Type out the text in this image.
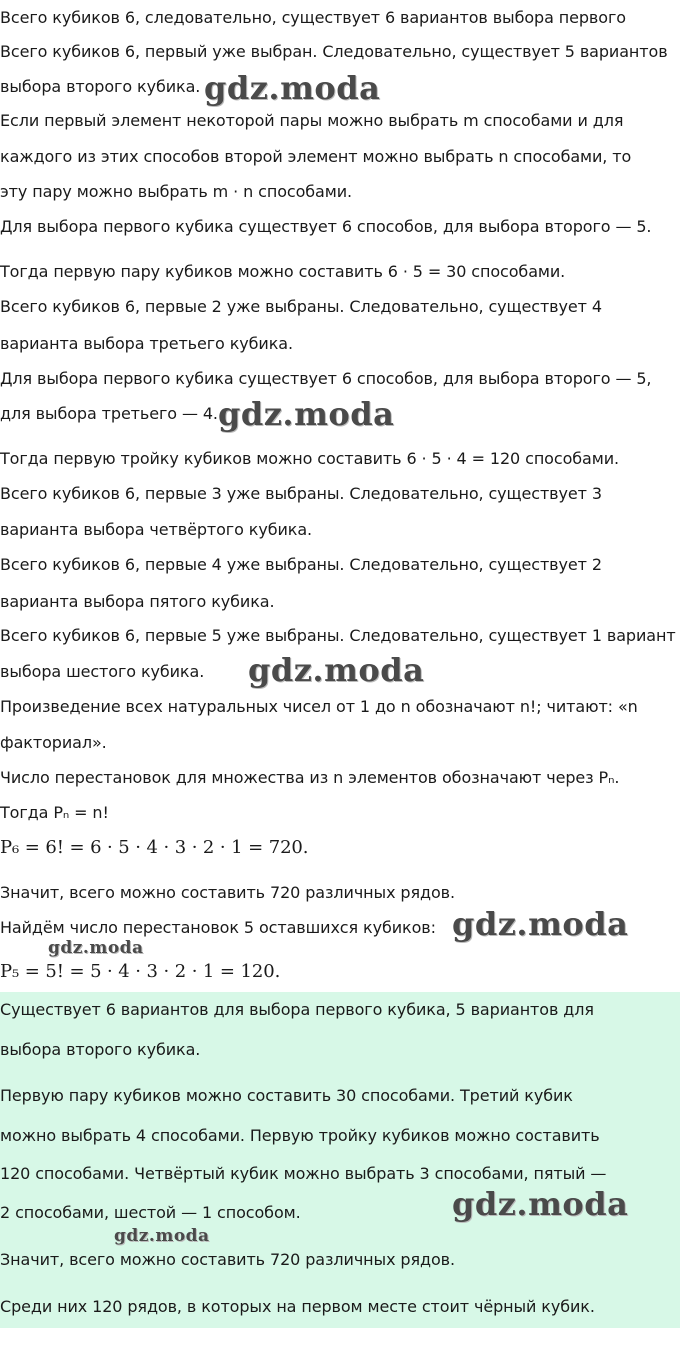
Всего кубиков 6, следовательно, существует 6 вариантов выбора первого
Всего кубиков 6, первый уже выбран. Следовательно, существует 5 вариантов
выбора второго кубика.
Если первый элемент некоторой пары можно выбрать m способами и для
каждого из этих способов второй элемент можно выбрать n способами, то
эту пару можно выбрать m · n способами.
Для выбора первого кубика существует 6 способов, для выбора второго — 5.
Тогда первую пару кубиков можно составить 6 · 5 = 30 способами.
Всего кубиков 6, первые 2 уже выбраны. Следовательно, существует 4
варианта выбора третьего кубика.
Для выбора первого кубика существует 6 способов, для выбора второго — 5,
для выбора третьего — 4.
Тогда первую тройку кубиков можно составить 6 · 5 · 4 = 120 способами.
Всего кубиков 6, первые 3 уже выбраны. Следовательно, существует 3
варианта выбора четвёртого кубика.
Всего кубиков 6, первые 4 уже выбраны. Следовательно, существует 2
варианта выбора пятого кубика.
Всего кубиков 6, первые 5 уже выбраны. Следовательно, существует 1 вариант
выбора шестого кубика.
Произведение всех натуральных чисел от 1 до n обозначают n!; читают: «n
факториал».
Число перестановок для множества из n элементов обозначают через Pₙ.
Тогда Pₙ = n!
P₆ = 6! = 6 · 5 · 4 · 3 · 2 · 1 = 720.
Значит, всего можно составить 720 различных рядов.
Найдём число перестановок 5 оставшихся кубиков:
P₅ = 5! = 5 · 4 · 3 · 2 · 1 = 120.
Существует 6 вариантов для выбора первого кубика, 5 вариантов для
выбора второго кубика.
Первую пару кубиков можно составить 30 способами. Третий кубик
можно выбрать 4 способами. Первую тройку кубиков можно составить
120 способами. Четвёртый кубик можно выбрать 3 способами, пятый —
2 способами, шестой — 1 способом.
Значит, всего можно составить 720 различных рядов.
Среди них 120 рядов, в которых на первом месте стоит чёрный кубик.
gdz.moda
gdz.moda
gdz.moda
gdz.moda
gdz.moda
gdz.moda
gdz.moda
